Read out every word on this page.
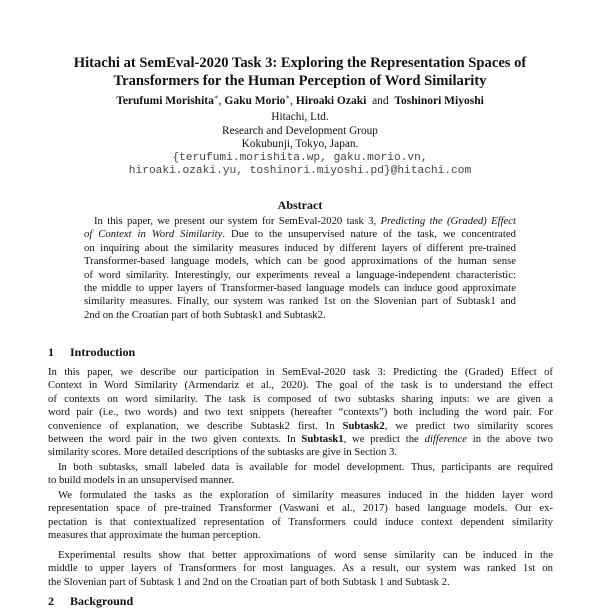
Hitachi at SemEval-2020 Task 3: Exploring the Representation Spaces of
Transformers for the Human Perception of Word Similarity
Terufumi Morishita∗, Gaku Morio∗, Hiroaki Ozaki  and  Toshinori Miyoshi
Hitachi, Ltd.
Research and Development Group
Kokubunji, Tokyo, Japan.
{terufumi.morishita.wp, gaku.morio.vn,
hiroaki.ozaki.yu, toshinori.miyoshi.pd}@hitachi.com
Abstract
In this paper, we present our system for SemEval-2020 task 3, Predicting the (Graded) Effect
of Context in Word Similarity. Due to the unsupervised nature of the task, we concentrated
on inquiring about the similarity measures induced by different layers of different pre-trained
Transformer-based language models, which can be good approximations of the human sense
of word similarity. Interestingly, our experiments reveal a language-independent characteristic:
the middle to upper layers of Transformer-based language models can induce good approximate
similarity measures. Finally, our system was ranked 1st on the Slovenian part of Subtask1 and
2nd on the Croatian part of both Subtask1 and Subtask2.
1 Introduction
In this paper, we describe our participation in SemEval-2020 task 3: Predicting the (Graded) Effect of
Context in Word Similarity (Armendariz et al., 2020). The goal of the task is to understand the effect
of contexts on word similarity. The task is composed of two subtasks sharing inputs: we are given a
word pair (i.e., two words) and two text snippets (hereafter “contexts”) both including the word pair. For
convenience of explanation, we describe Subtask2 first. In Subtask2, we predict two similarity scores
between the word pair in the two given contexts. In Subtask1, we predict the difference in the above two
similarity scores. More detailed descriptions of the subtasks are give in Section 3.
In both subtasks, small labeled data is available for model development. Thus, participants are required
to build models in an unsupervised manner.
We formulated the tasks as the exploration of similarity measures induced in the hidden layer word
representation space of pre-trained Transformer (Vaswani et al., 2017) based language models. Our ex-
pectation is that contextualized representation of Transformers could induce context dependent similarity
measures that approximate the human perception.
Experimental results show that better approximations of word sense similarity can be induced in the
middle to upper layers of Transformers for most languages. As a result, our system was ranked 1st on
the Slovenian part of Subtask 1 and 2nd on the Croatian part of both Subtask 1 and Subtask 2.
2 Background
